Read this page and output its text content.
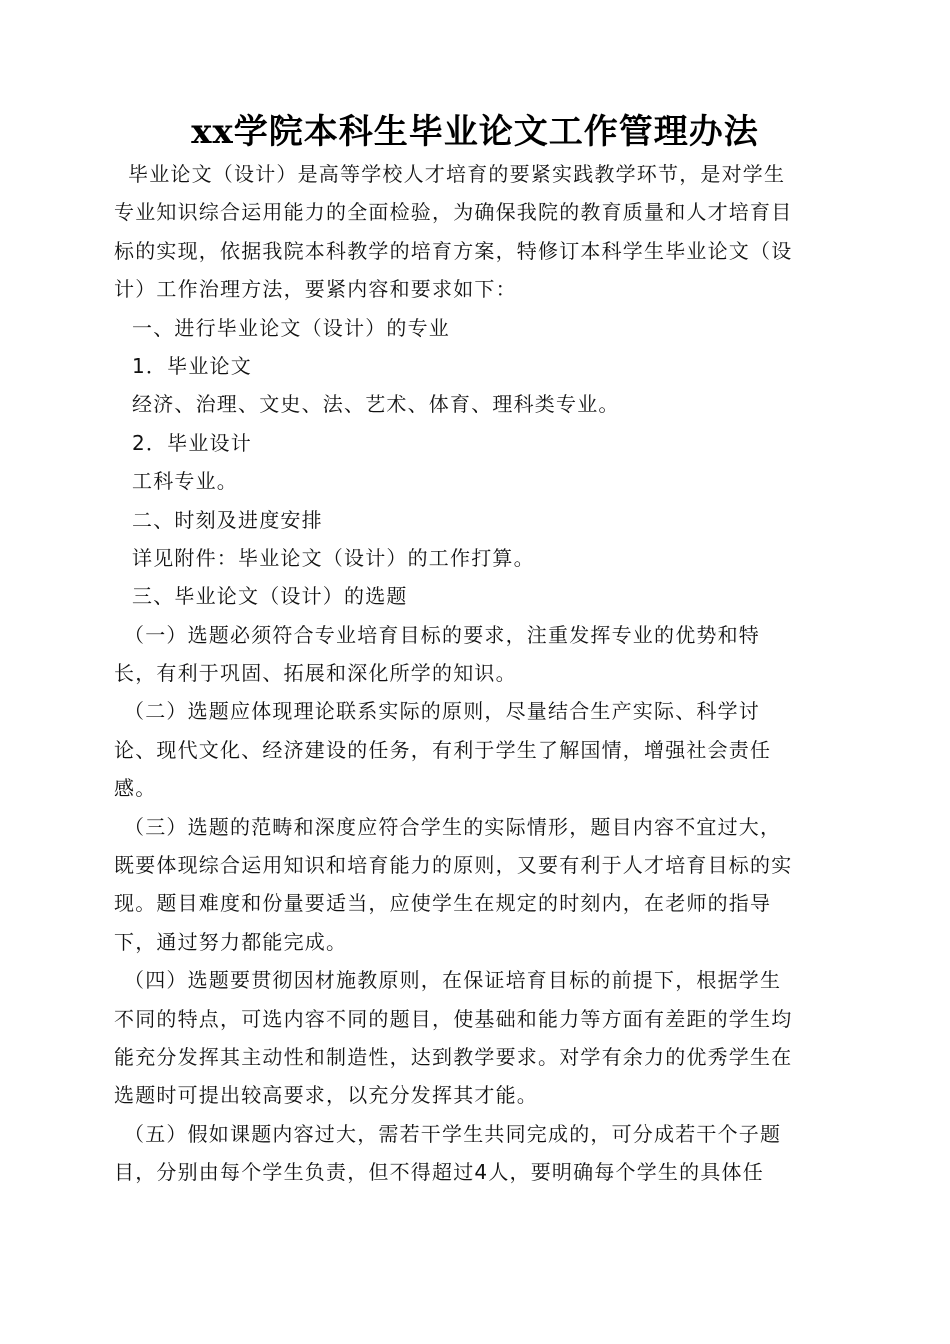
xx学院本科生毕业论文工作管理办法
毕业论文（设计）是高等学校人才培育的要紧实践教学环节，是对学生
专业知识综合运用能力的全面检验，为确保我院的教育质量和人才培育目
标的实现，依据我院本科教学的培育方案，特修订本科学生毕业论文（设
计）工作治理方法，要紧内容和要求如下：
一、进行毕业论文（设计）的专业
1．毕业论文
经济、治理、文史、法、艺术、体育、理科类专业。
2．毕业设计
工科专业。
二、时刻及进度安排
详见附件：毕业论文（设计）的工作打算。
三、毕业论文（设计）的选题
（一）选题必须符合专业培育目标的要求，注重发挥专业的优势和特
长，有利于巩固、拓展和深化所学的知识。
（二）选题应体现理论联系实际的原则，尽量结合生产实际、科学讨
论、现代文化、经济建设的任务，有利于学生了解国情，增强社会责任
感。
（三）选题的范畴和深度应符合学生的实际情形，题目内容不宜过大，
既要体现综合运用知识和培育能力的原则，又要有利于人才培育目标的实
现。题目难度和份量要适当，应使学生在规定的时刻内，在老师的指导
下，通过努力都能完成。
（四）选题要贯彻因材施教原则，在保证培育目标的前提下，根据学生
不同的特点，可选内容不同的题目，使基础和能力等方面有差距的学生均
能充分发挥其主动性和制造性，达到教学要求。对学有余力的优秀学生在
选题时可提出较高要求，以充分发挥其才能。
（五）假如课题内容过大，需若干学生共同完成的，可分成若干个子题
目，分别由每个学生负责，但不得超过4人，要明确每个学生的具体任
